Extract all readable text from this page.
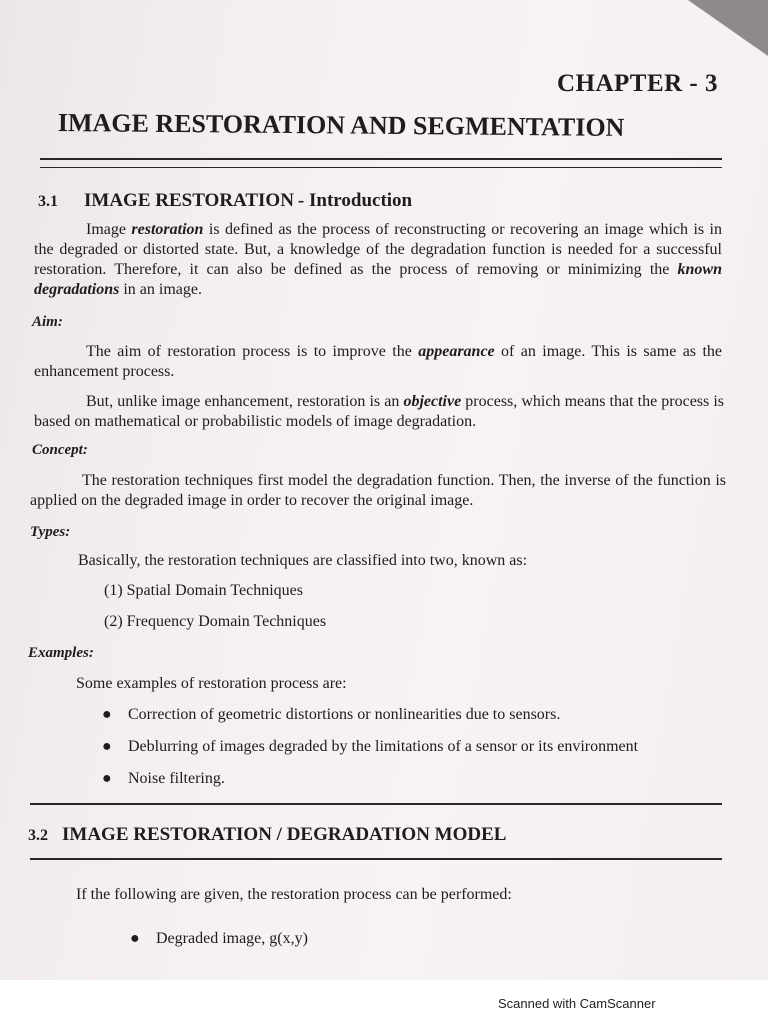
CHAPTER - 3
IMAGE RESTORATION AND SEGMENTATION
3.1 IMAGE RESTORATION - Introduction

Image restoration is defined as the process of reconstructing or recovering an image which is in the degraded or distorted state. But, a knowledge of the degradation function is needed for a successful restoration. Therefore, it can also be defined as the process of removing or minimizing the known degradations in an image.

Aim:

The aim of restoration process is to improve the appearance of an image. This is same as the enhancement process.

But, unlike image enhancement, restoration is an objective process, which means that the process is based on mathematical or probabilistic models of image degradation.

Concept:

The restoration techniques first model the degradation function. Then, the inverse of the function is applied on the degraded image in order to recover the original image.

Types:
Basically, the restoration techniques are classified into two, known as:
(1) Spatial Domain Techniques
(2) Frequency Domain Techniques
Examples:
Some examples of restoration process are:
● Correction of geometric distortions or nonlinearities due to sensors.
● Deblurring of images degraded by the limitations of a sensor or its environment
● Noise filtering.
3.2 IMAGE RESTORATION / DEGRADATION MODEL
If the following are given, the restoration process can be performed:
● Degraded image, g(x,y)
Scanned with CamScanner
